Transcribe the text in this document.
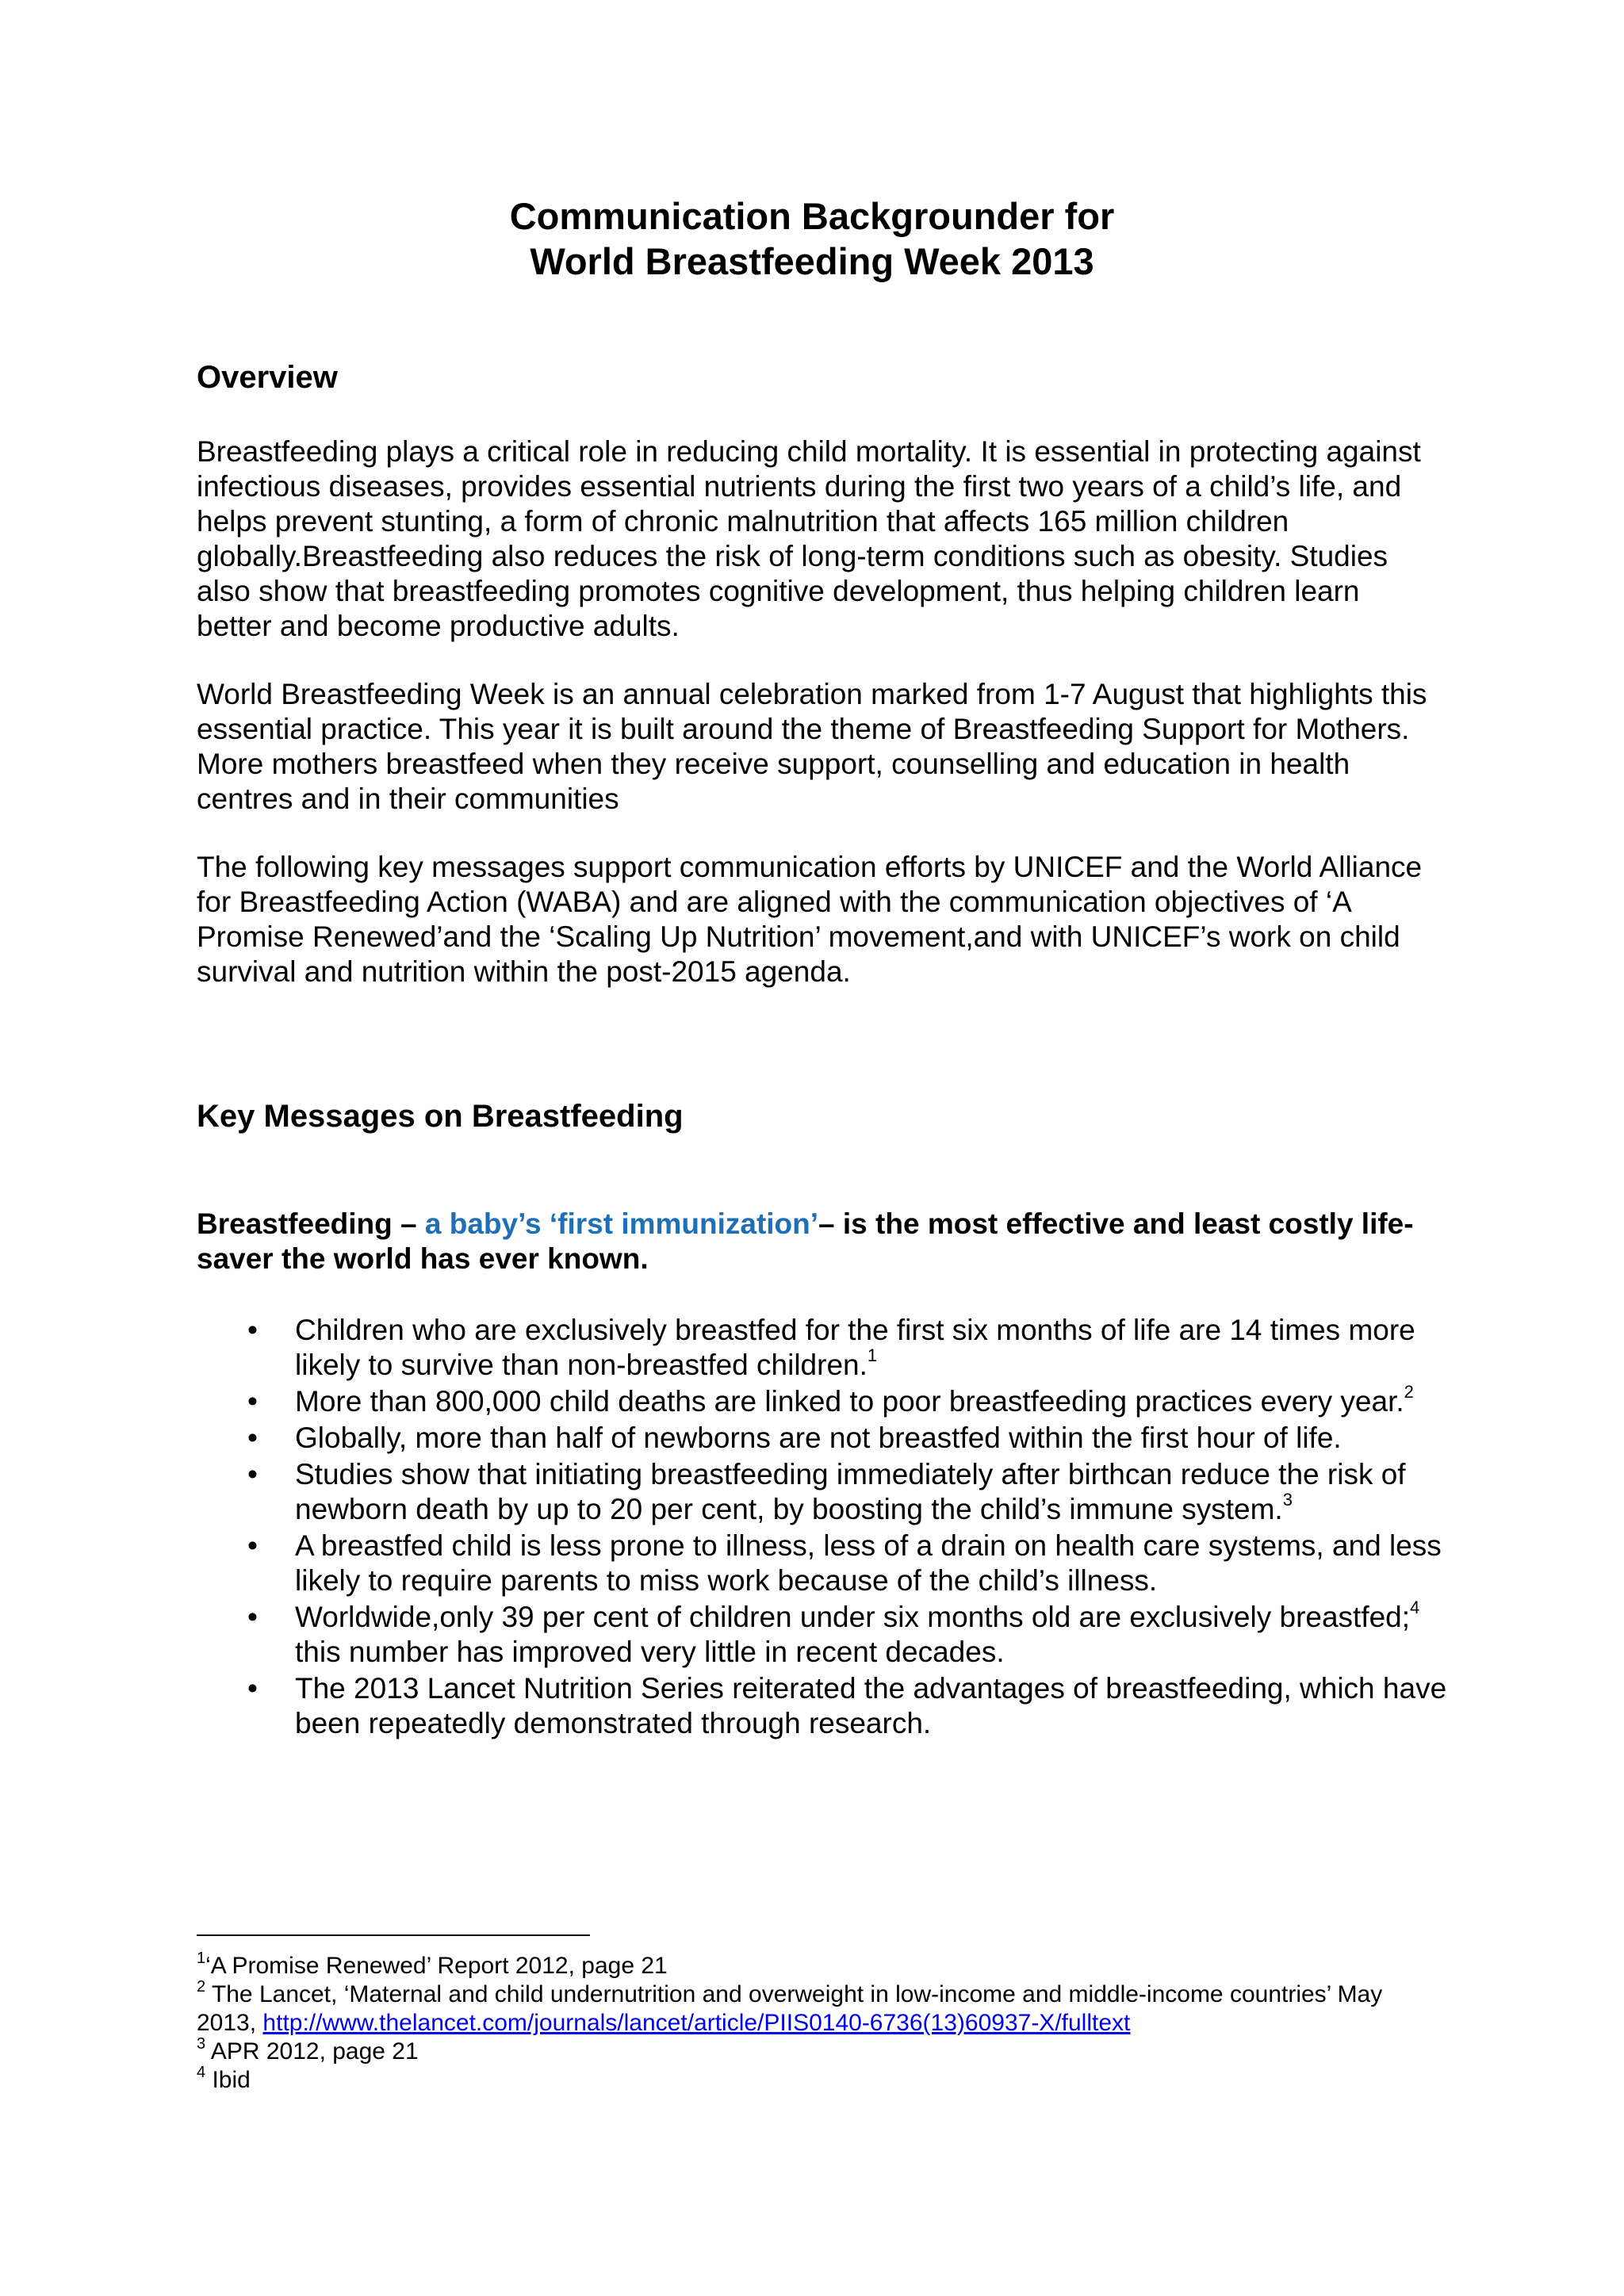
Communication Backgrounder for
World Breastfeeding Week 2013
Overview
Breastfeeding plays a critical role in reducing child mortality. It is essential in protecting against infectious diseases, provides essential nutrients during the first two years of a child’s life, and helps prevent stunting, a form of chronic malnutrition that affects 165 million children globally.Breastfeeding also reduces the risk of long-term conditions such as obesity. Studies also show that breastfeeding promotes cognitive development, thus helping children learn better and become productive adults.
World Breastfeeding Week is an annual celebration marked from 1-7 August that highlights this essential practice. This year it is built around the theme of Breastfeeding Support for Mothers. More mothers breastfeed when they receive support, counselling and education in health centres and in their communities
The following key messages support communication efforts by UNICEF and the World Alliance for Breastfeeding Action (WABA) and are aligned with the communication objectives of ‘A Promise Renewed’and the ‘Scaling Up Nutrition’ movement,and with UNICEF’s work on child survival and nutrition within the post-2015 agenda.
Key Messages on Breastfeeding
Breastfeeding – a baby’s ‘first immunization’– is the most effective and least costly life-saver the world has ever known.
• Children who are exclusively breastfed for the first six months of life are 14 times more likely to survive than non-breastfed children.$^1$
• More than 800,000 child deaths are linked to poor breastfeeding practices every year.$^2$
• Globally, more than half of newborns are not breastfed within the first hour of life.
• Studies show that initiating breastfeeding immediately after birthcan reduce the risk of newborn death by up to 20 per cent, by boosting the child’s immune system.$^3$
• A breastfed child is less prone to illness, less of a drain on health care systems, and less likely to require parents to miss work because of the child’s illness.
• Worldwide,only 39 per cent of children under six months old are exclusively breastfed;$^4$ this number has improved very little in recent decades.
• The 2013 Lancet Nutrition Series reiterated the advantages of breastfeeding, which have been repeatedly demonstrated through research.

$^1$‘A Promise Renewed’ Report 2012, page 21

$^2$ The Lancet, ‘Maternal and child undernutrition and overweight in low-income and middle-income countries’ May 2013, http://www.thelancet.com/journals/lancet/article/PIIS0140-6736(13)60937-X/fulltext

$^3$ APR 2012, page 21

$^4$ Ibid
